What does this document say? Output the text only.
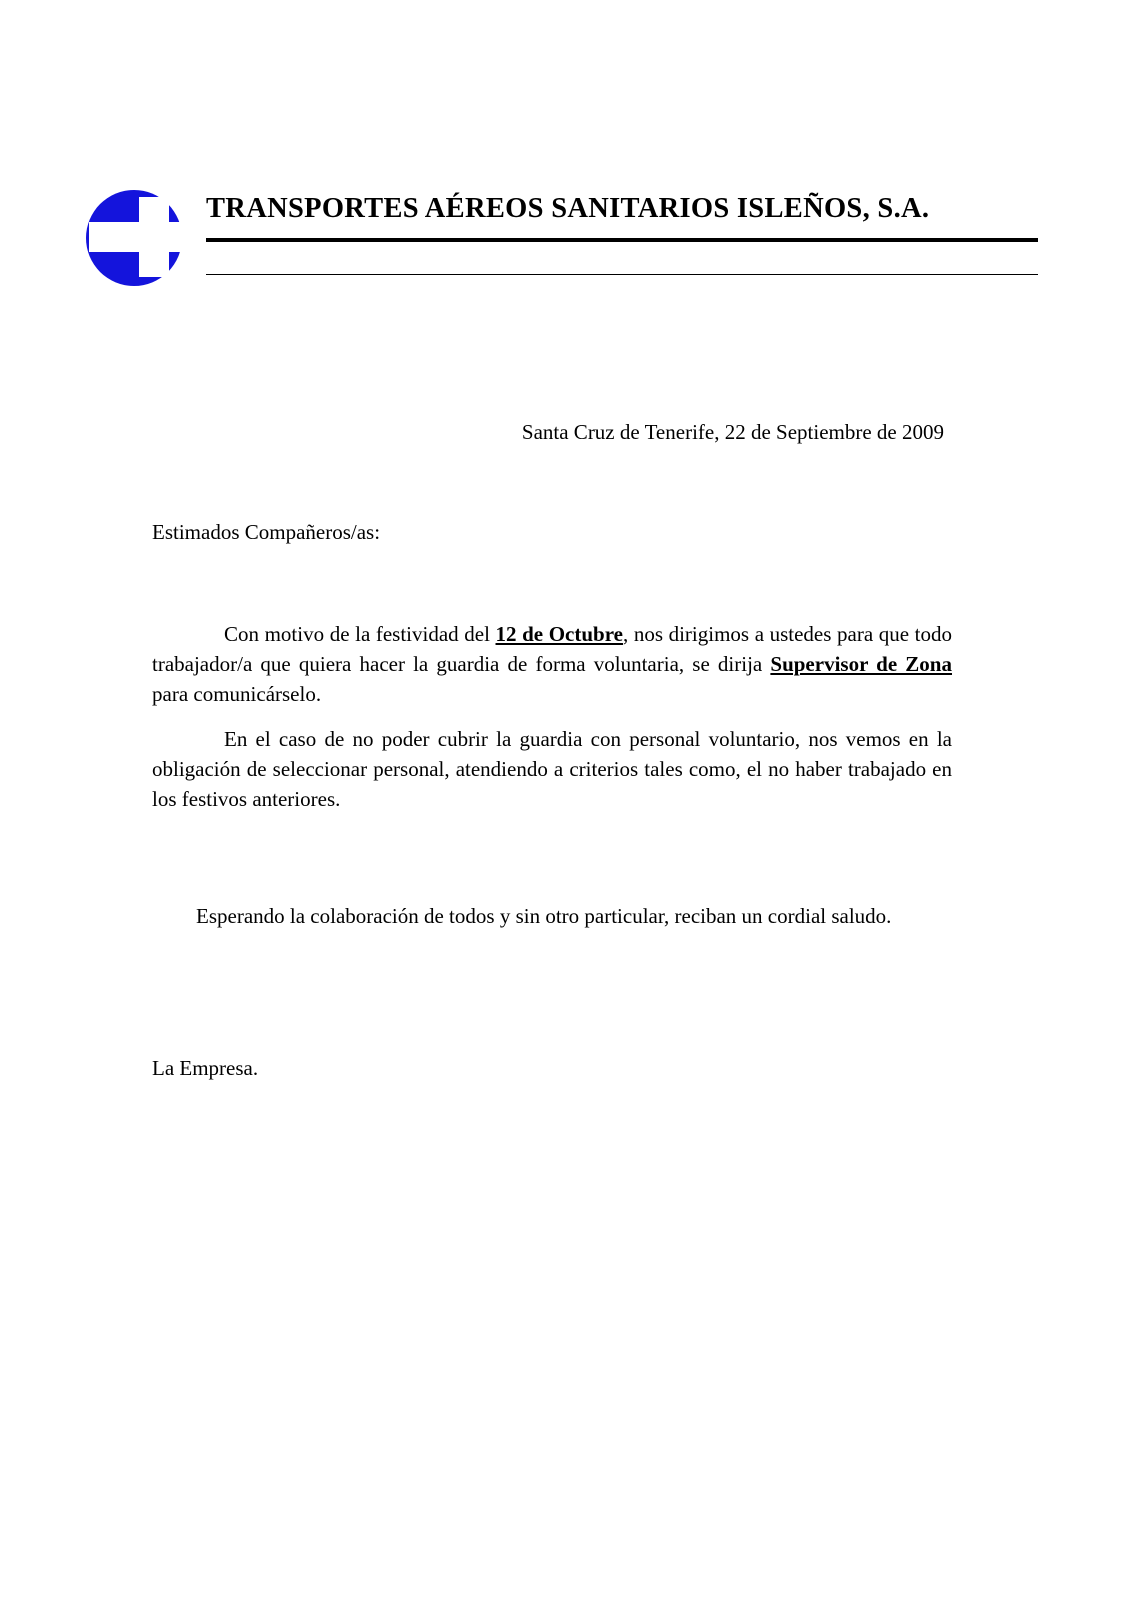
TRANSPORTES AÉREOS SANITARIOS ISLEÑOS, S.A.
Santa Cruz de Tenerife, 22 de Septiembre de 2009
Estimados Compañeros/as:
Con motivo de la festividad del 12 de Octubre, nos dirigimos a ustedes para que todo trabajador/a que quiera hacer la guardia de forma voluntaria, se dirija Supervisor de Zona para comunicárselo.
En el caso de no poder cubrir la guardia con personal voluntario, nos vemos en la obligación de seleccionar personal, atendiendo a criterios tales como, el no haber trabajado en los festivos anteriores.
Esperando la colaboración de todos y sin otro particular, reciban un cordial saludo.
La Empresa.
